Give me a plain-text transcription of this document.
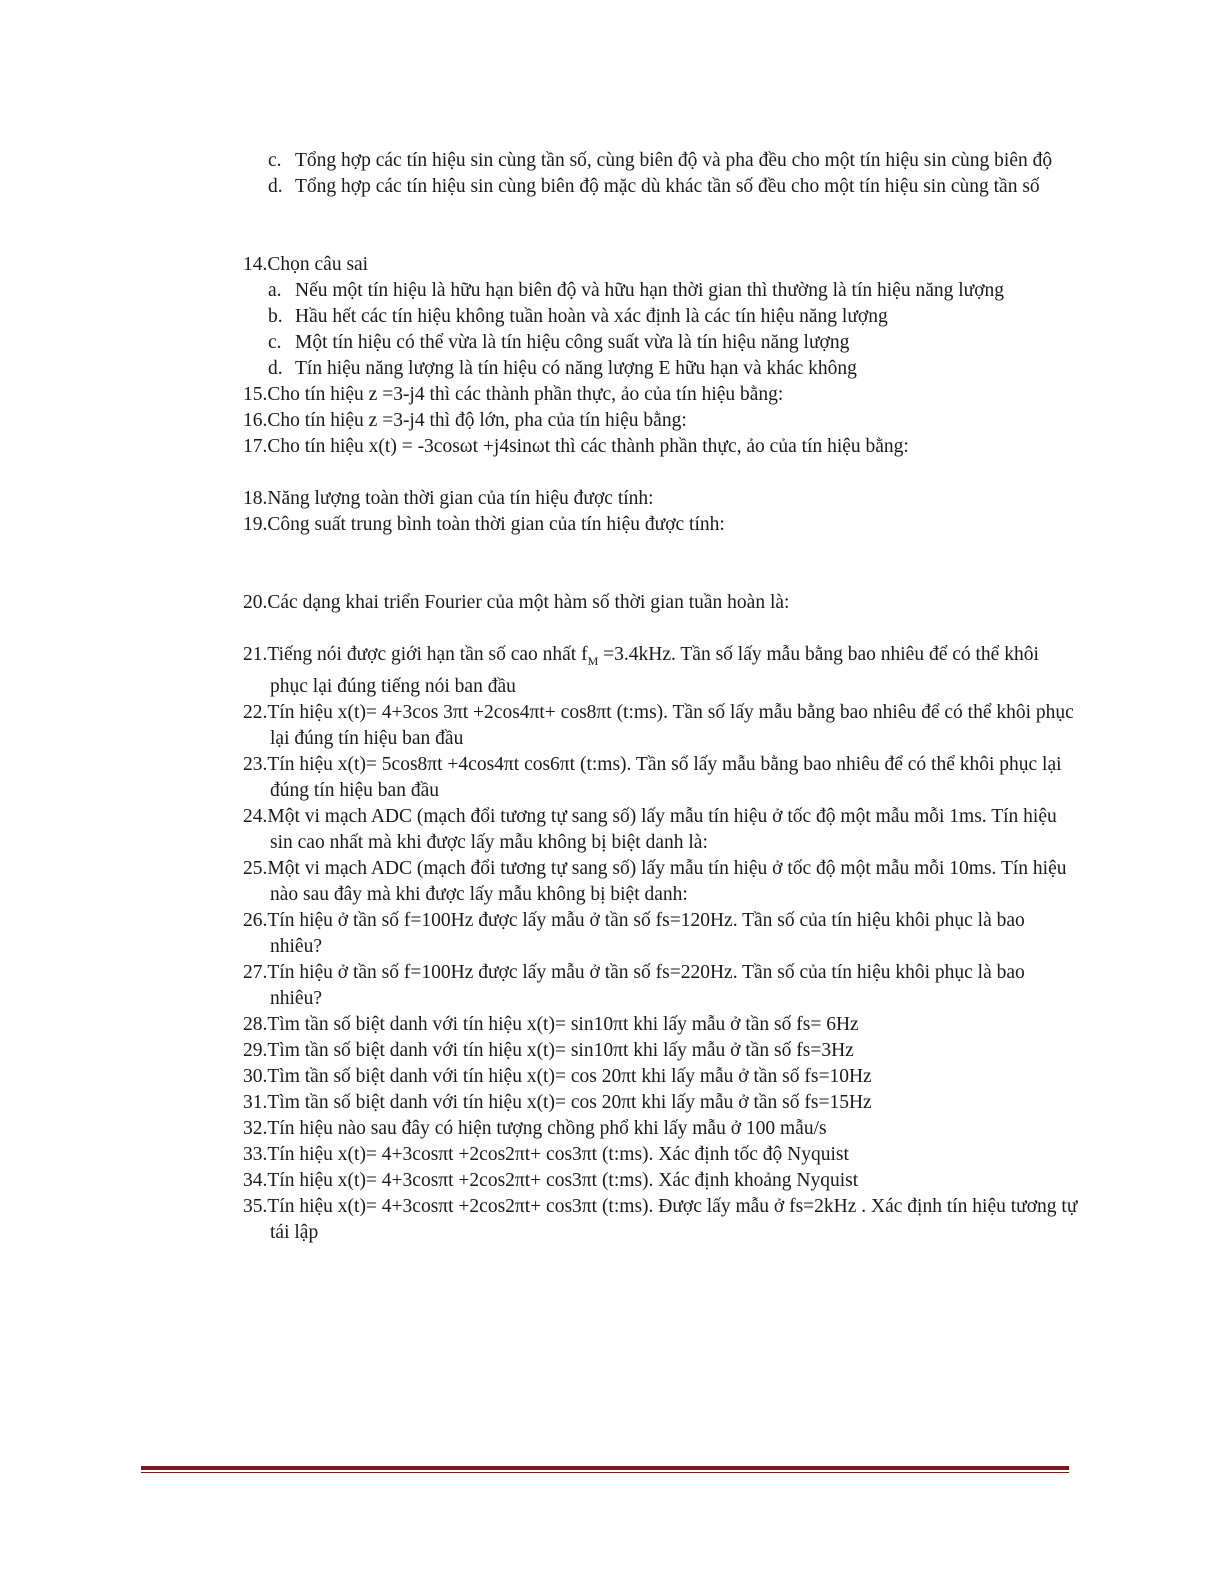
c. Tổng hợp các tín hiệu sin cùng tần số, cùng biên độ và pha đều cho một tín hiệu sin cùng biên độ
d. Tổng hợp các tín hiệu sin cùng biên độ mặc dù khác tần số đều cho một tín hiệu sin cùng tần số
14.Chọn câu sai
a. Nếu một tín hiệu là hữu hạn biên độ và hữu hạn thời gian thì thường là tín hiệu năng lượng
b. Hầu hết các tín hiệu không tuần hoàn và xác định là các tín hiệu năng lượng
c. Một tín hiệu có thể vừa là tín hiệu công suất vừa là tín hiệu năng lượng
d. Tín hiệu năng lượng là tín hiệu có năng lượng E hữu hạn và khác không
15.Cho tín hiệu z =3-j4 thì các thành phần thực, ảo của tín hiệu bằng:
16.Cho tín hiệu z =3-j4 thì độ lớn, pha của tín hiệu bằng:
17.Cho tín hiệu x(t) = -3cosωt +j4sinωt thì các thành phần thực, ảo của tín hiệu bằng:
18.Năng lượng toàn thời gian của tín hiệu được tính:
19.Công suất trung bình toàn thời gian của tín hiệu được tính:
20.Các dạng khai triển Fourier của một hàm số thời gian tuần hoàn là:
21.Tiếng nói được giới hạn tần số cao nhất $f_M =3.4kHz$. Tần số lấy mẫu bằng bao nhiêu để có thể khôi phục lại đúng tiếng nói ban đầu
22.Tín hiệu x(t)= 4+3cos 3πt +2cos4πt+ cos8πt (t:ms). Tần số lấy mẫu bằng bao nhiêu để có thể khôi phục lại đúng tín hiệu ban đầu
23.Tín hiệu x(t)= 5cos8πt +4cos4πt cos6πt (t:ms). Tần số lấy mẫu bằng bao nhiêu để có thể khôi phục lại đúng tín hiệu ban đầu
24.Một vi mạch ADC (mạch đổi tương tự sang số) lấy mẫu tín hiệu ở tốc độ một mẫu mỗi 1ms. Tín hiệu sin cao nhất mà khi được lấy mẫu không bị biệt danh là:
25.Một vi mạch ADC (mạch đổi tương tự sang số) lấy mẫu tín hiệu ở tốc độ một mẫu mỗi 10ms. Tín hiệu nào sau đây mà khi được lấy mẫu không bị biệt danh:
26.Tín hiệu ở tần số f=100Hz được lấy mẫu ở tần số fs=120Hz. Tần số của tín hiệu khôi phục là bao nhiêu?
27.Tín hiệu ở tần số f=100Hz được lấy mẫu ở tần số fs=220Hz. Tần số của tín hiệu khôi phục là bao nhiêu?
28.Tìm tần số biệt danh với tín hiệu x(t)= sin10πt khi lấy mẫu ở tần số fs= 6Hz
29.Tìm tần số biệt danh với tín hiệu x(t)= sin10πt khi lấy mẫu ở tần số fs=3Hz
30.Tìm tần số biệt danh với tín hiệu x(t)= cos 20πt khi lấy mẫu ở tần số fs=10Hz
31.Tìm tần số biệt danh với tín hiệu x(t)= cos 20πt khi lấy mẫu ở tần số fs=15Hz
32.Tín hiệu nào sau đây có hiện tượng chồng phổ khi lấy mẫu ở 100 mẫu/s
33.Tín hiệu x(t)= 4+3cosπt +2cos2πt+ cos3πt (t:ms). Xác định tốc độ Nyquist
34.Tín hiệu x(t)= 4+3cosπt +2cos2πt+ cos3πt (t:ms). Xác định khoảng Nyquist
35.Tín hiệu x(t)= 4+3cosπt +2cos2πt+ cos3πt (t:ms). Được lấy mẫu ở fs=2kHz . Xác định tín hiệu tương tự tái lập
